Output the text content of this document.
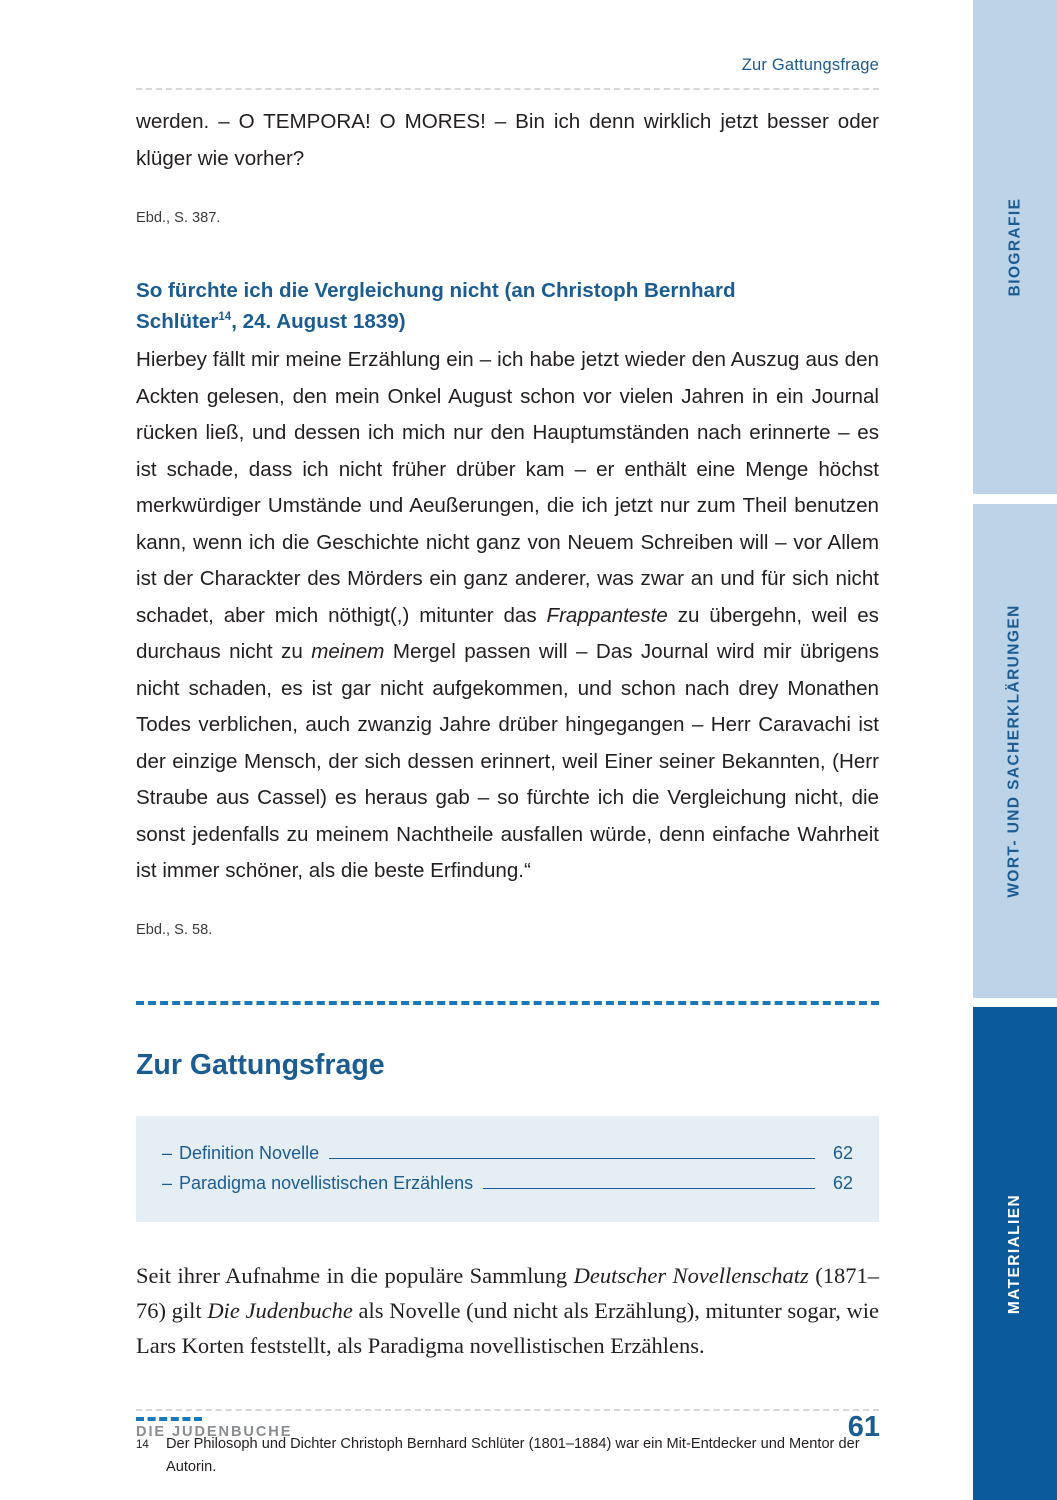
Zur Gattungsfrage

werden. – O TEMPORA! O MORES! – Bin ich denn wirklich jetzt besser oder klüger wie vorher?

Ebd., S. 387.

So fürchte ich die Vergleichung nicht (an Christoph Bernhard
Schlüter$^{14}$, 24. August 1839)

Hierbey fällt mir meine Erzählung ein – ich habe jetzt wieder den Auszug aus den Ackten gelesen, den mein Onkel August schon vor vielen Jahren in ein Journal rücken ließ, und dessen ich mich nur den Hauptumständen nach erinnerte – es ist schade, dass ich nicht früher drüber kam – er enthält eine Menge höchst merkwürdiger Umstände und Aeußerungen, die ich jetzt nur zum Theil benutzen kann, wenn ich die Geschichte nicht ganz von Neuem Schreiben will – vor Allem ist der Charackter des Mörders ein ganz anderer, was zwar an und für sich nicht schadet, aber mich nöthigt(,) mitunter das Frappanteste zu übergehn, weil es durchaus nicht zu meinem Mergel passen will – Das Journal wird mir übrigens nicht schaden, es ist gar nicht aufgekommen, und schon nach drey Monathen Todes verblichen, auch zwanzig Jahre drüber hingegangen – Herr Caravachi ist der einzige Mensch, der sich dessen erinnert, weil Einer seiner Bekannten, (Herr Straube aus Cassel) es heraus gab – so fürchte ich die Vergleichung nicht, die sonst jedenfalls zu meinem Nachtheile ausfallen würde, denn einfache Wahrheit ist immer schöner, als die beste Erfindung.“

Ebd., S. 58.

Zur Gattungsfrage
– Definition Novelle	62
– Paradigma novellistischen Erzählens	62

Seit ihrer Aufnahme in die populäre Sammlung Deutscher Novellenschatz (1871–76) gilt Die Judenbuche als Novelle (und nicht als Erzählung), mitunter sogar, wie Lars Korten feststellt, als Paradigma novellistischen Erzählens.

14	Der Philosoph und Dichter Christoph Bernhard Schlüter (1801–1884) war ein Mit-Entdecker und Mentor der Autorin.
DIE JUDENBUCHE	61
BIOGRAFIE
WORT- UND SACHERKLÄRUNGEN
MATERIALIEN
